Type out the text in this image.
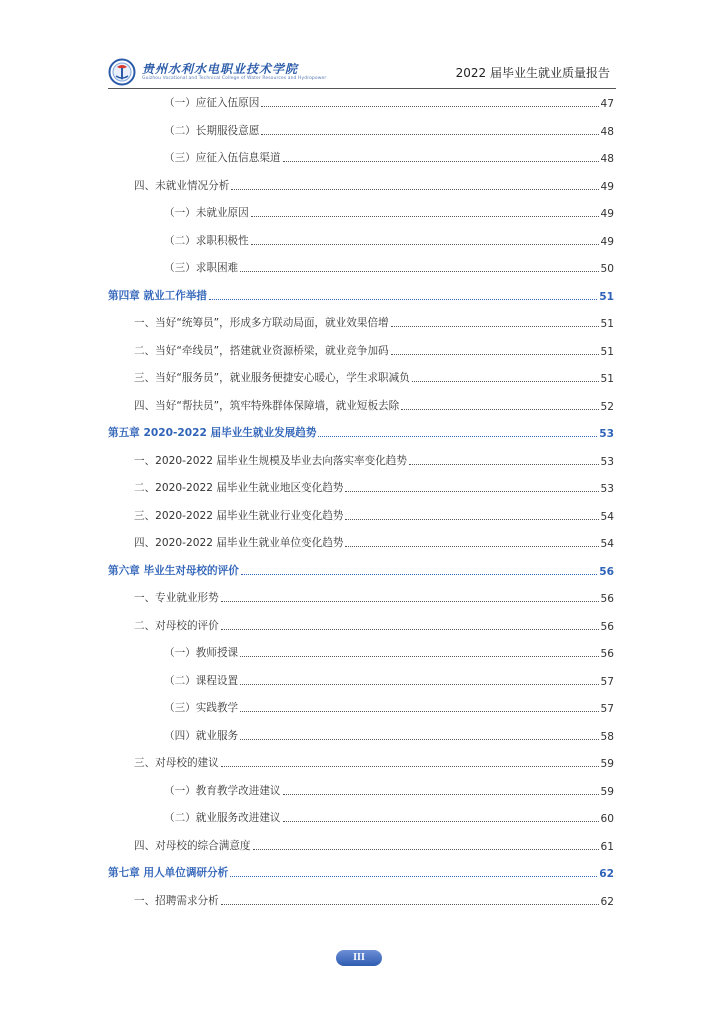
贵州水利水电职业技术学院
Guizhou Vocational and Technical College of Water Resources and Hydropower	2022 届毕业生就业质量报告
（一）应征入伍原因	47
（二）长期服役意愿	48
（三）应征入伍信息渠道	48
四、未就业情况分析	49
（一）未就业原因	49
（二）求职积极性	49
（三）求职困难	50
第四章 就业工作举措	51
一、当好“统筹员”，形成多方联动局面，就业效果倍增	51
二、当好“牵线员”，搭建就业资源桥梁，就业竞争加码	51
三、当好“服务员”，就业服务便捷安心暖心，学生求职减负	51
四、当好“帮扶员”，筑牢特殊群体保障墙，就业短板去除	52
第五章 2020-2022 届毕业生就业发展趋势	53
一、2020-2022 届毕业生规模及毕业去向落实率变化趋势	53
二、2020-2022 届毕业生就业地区变化趋势	53
三、2020-2022 届毕业生就业行业变化趋势	54
四、2020-2022 届毕业生就业单位变化趋势	54
第六章 毕业生对母校的评价	56
一、专业就业形势	56
二、对母校的评价	56
（一）教师授课	56
（二）课程设置	57
（三）实践教学	57
（四）就业服务	58
三、对母校的建议	59
（一）教育教学改进建议	59
（二）就业服务改进建议	60
四、对母校的综合满意度	61
第七章 用人单位调研分析	62
一、招聘需求分析	62
III
